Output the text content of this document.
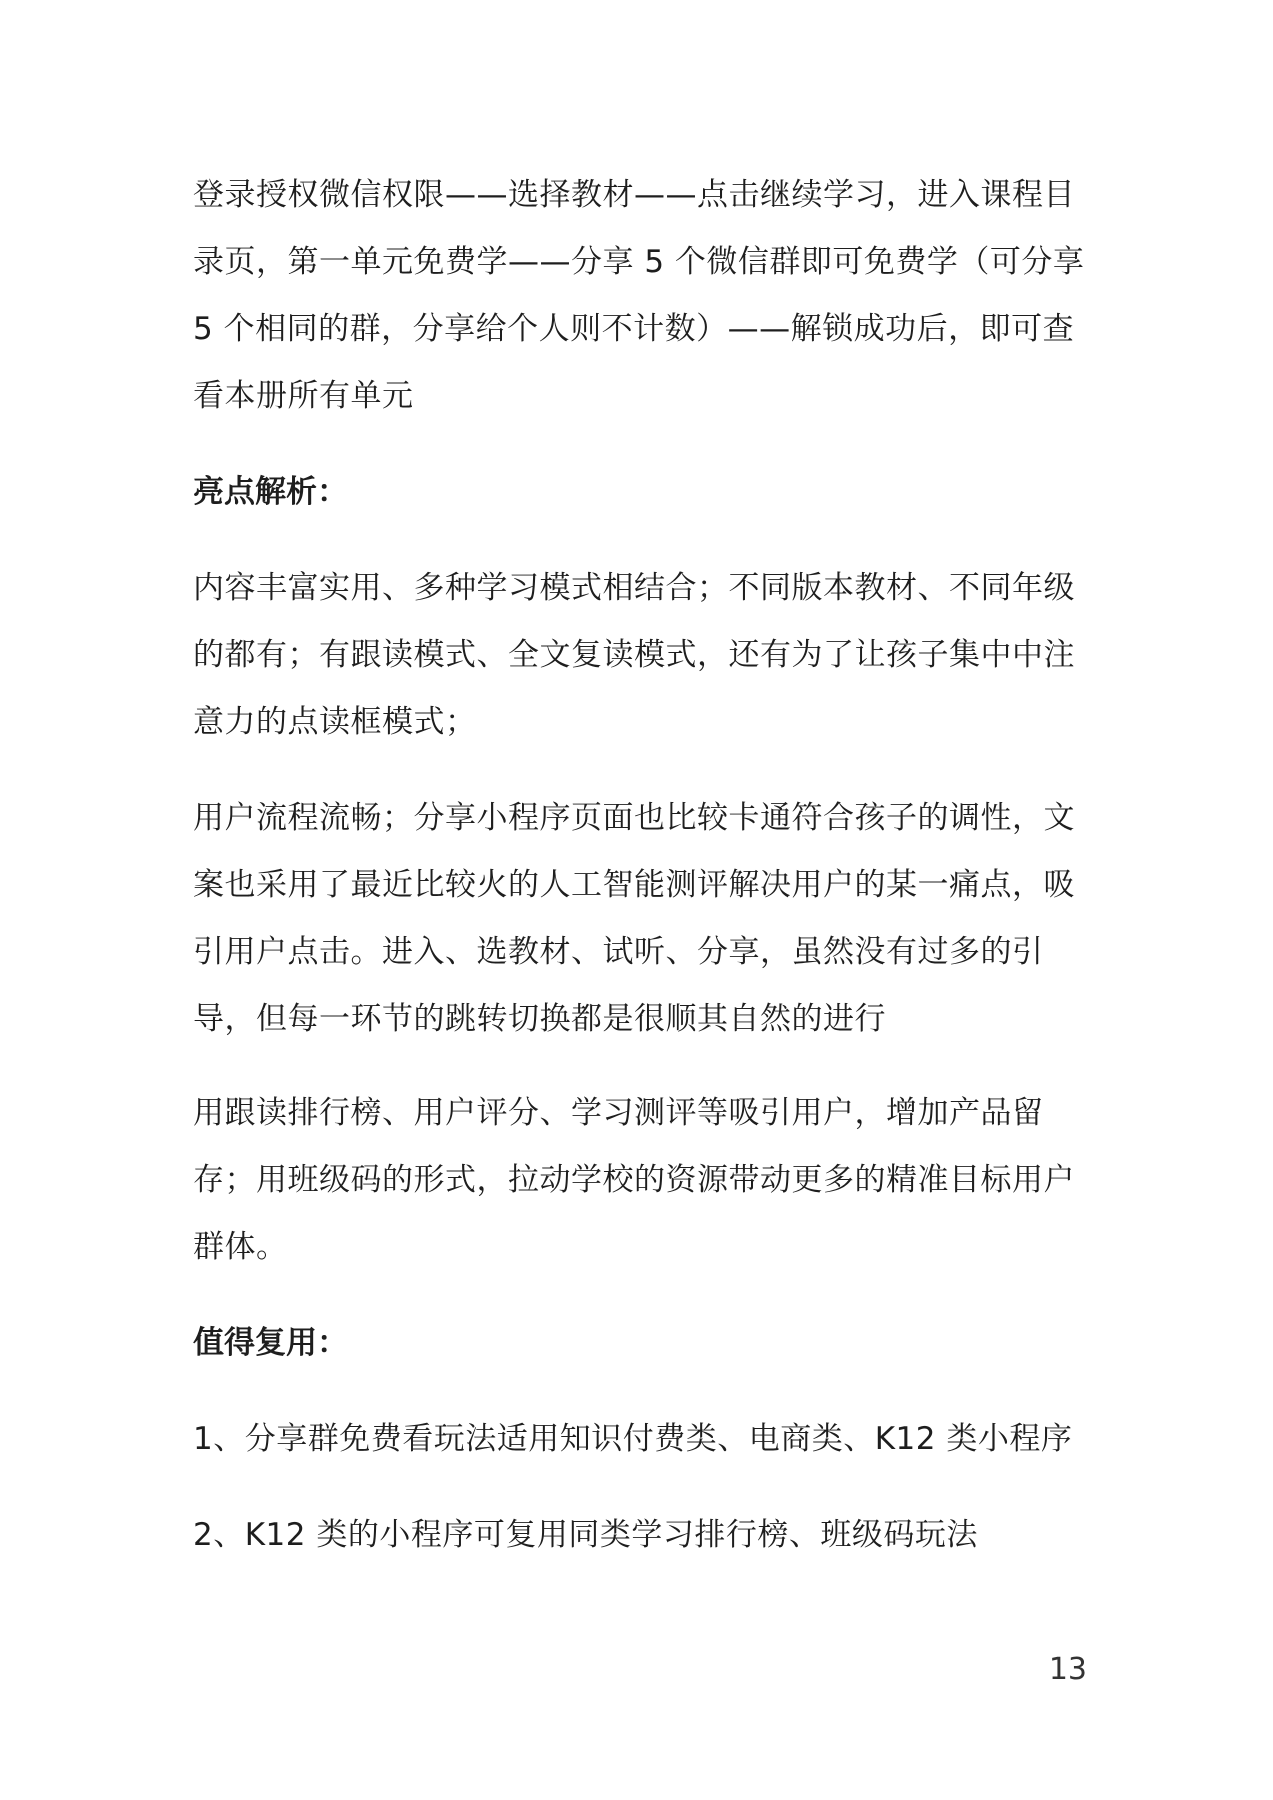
登录授权微信权限——选择教材——点击继续学习，进入课程目录页，第一单元免费学——分享 5 个微信群即可免费学（可分享 5 个相同的群，分享给个人则不计数）——解锁成功后，即可查看本册所有单元

亮点解析：

内容丰富实用、多种学习模式相结合；不同版本教材、不同年级的都有；有跟读模式、全文复读模式，还有为了让孩子集中中注意力的点读框模式；

用户流程流畅；分享小程序页面也比较卡通符合孩子的调性，文案也采用了最近比较火的人工智能测评解决用户的某一痛点，吸引用户点击。进入、选教材、试听、分享，虽然没有过多的引导，但每一环节的跳转切换都是很顺其自然的进行

用跟读排行榜、用户评分、学习测评等吸引用户，增加产品留存；用班级码的形式，拉动学校的资源带动更多的精准目标用户群体。

值得复用：

1、分享群免费看玩法适用知识付费类、电商类、K12 类小程序

2、K12 类的小程序可复用同类学习排行榜、班级码玩法

13
